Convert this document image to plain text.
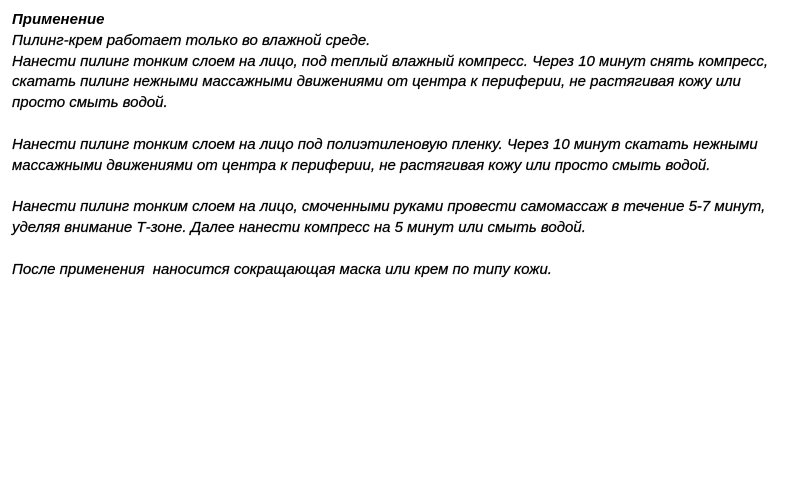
Применение
Пилинг-крем работает только во влажной среде.
Нанести пилинг тонким слоем на лицо, под теплый влажный компресс. Через 10 минут снять компресс,
скатать пилинг нежными массажными движениями от центра к периферии, не растягивая кожу или
просто смыть водой.
Нанести пилинг тонким слоем на лицо под полиэтиленовую пленку. Через 10 минут скатать нежными
массажными движениями от центра к периферии, не растягивая кожу или просто смыть водой.
Нанести пилинг тонким слоем на лицо, смоченными руками провести самомассаж в течение 5-7 минут,
уделяя внимание Т-зоне. Далее нанести компресс на 5 минут или смыть водой.
После применения  наносится сокращающая маска или крем по типу кожи.
